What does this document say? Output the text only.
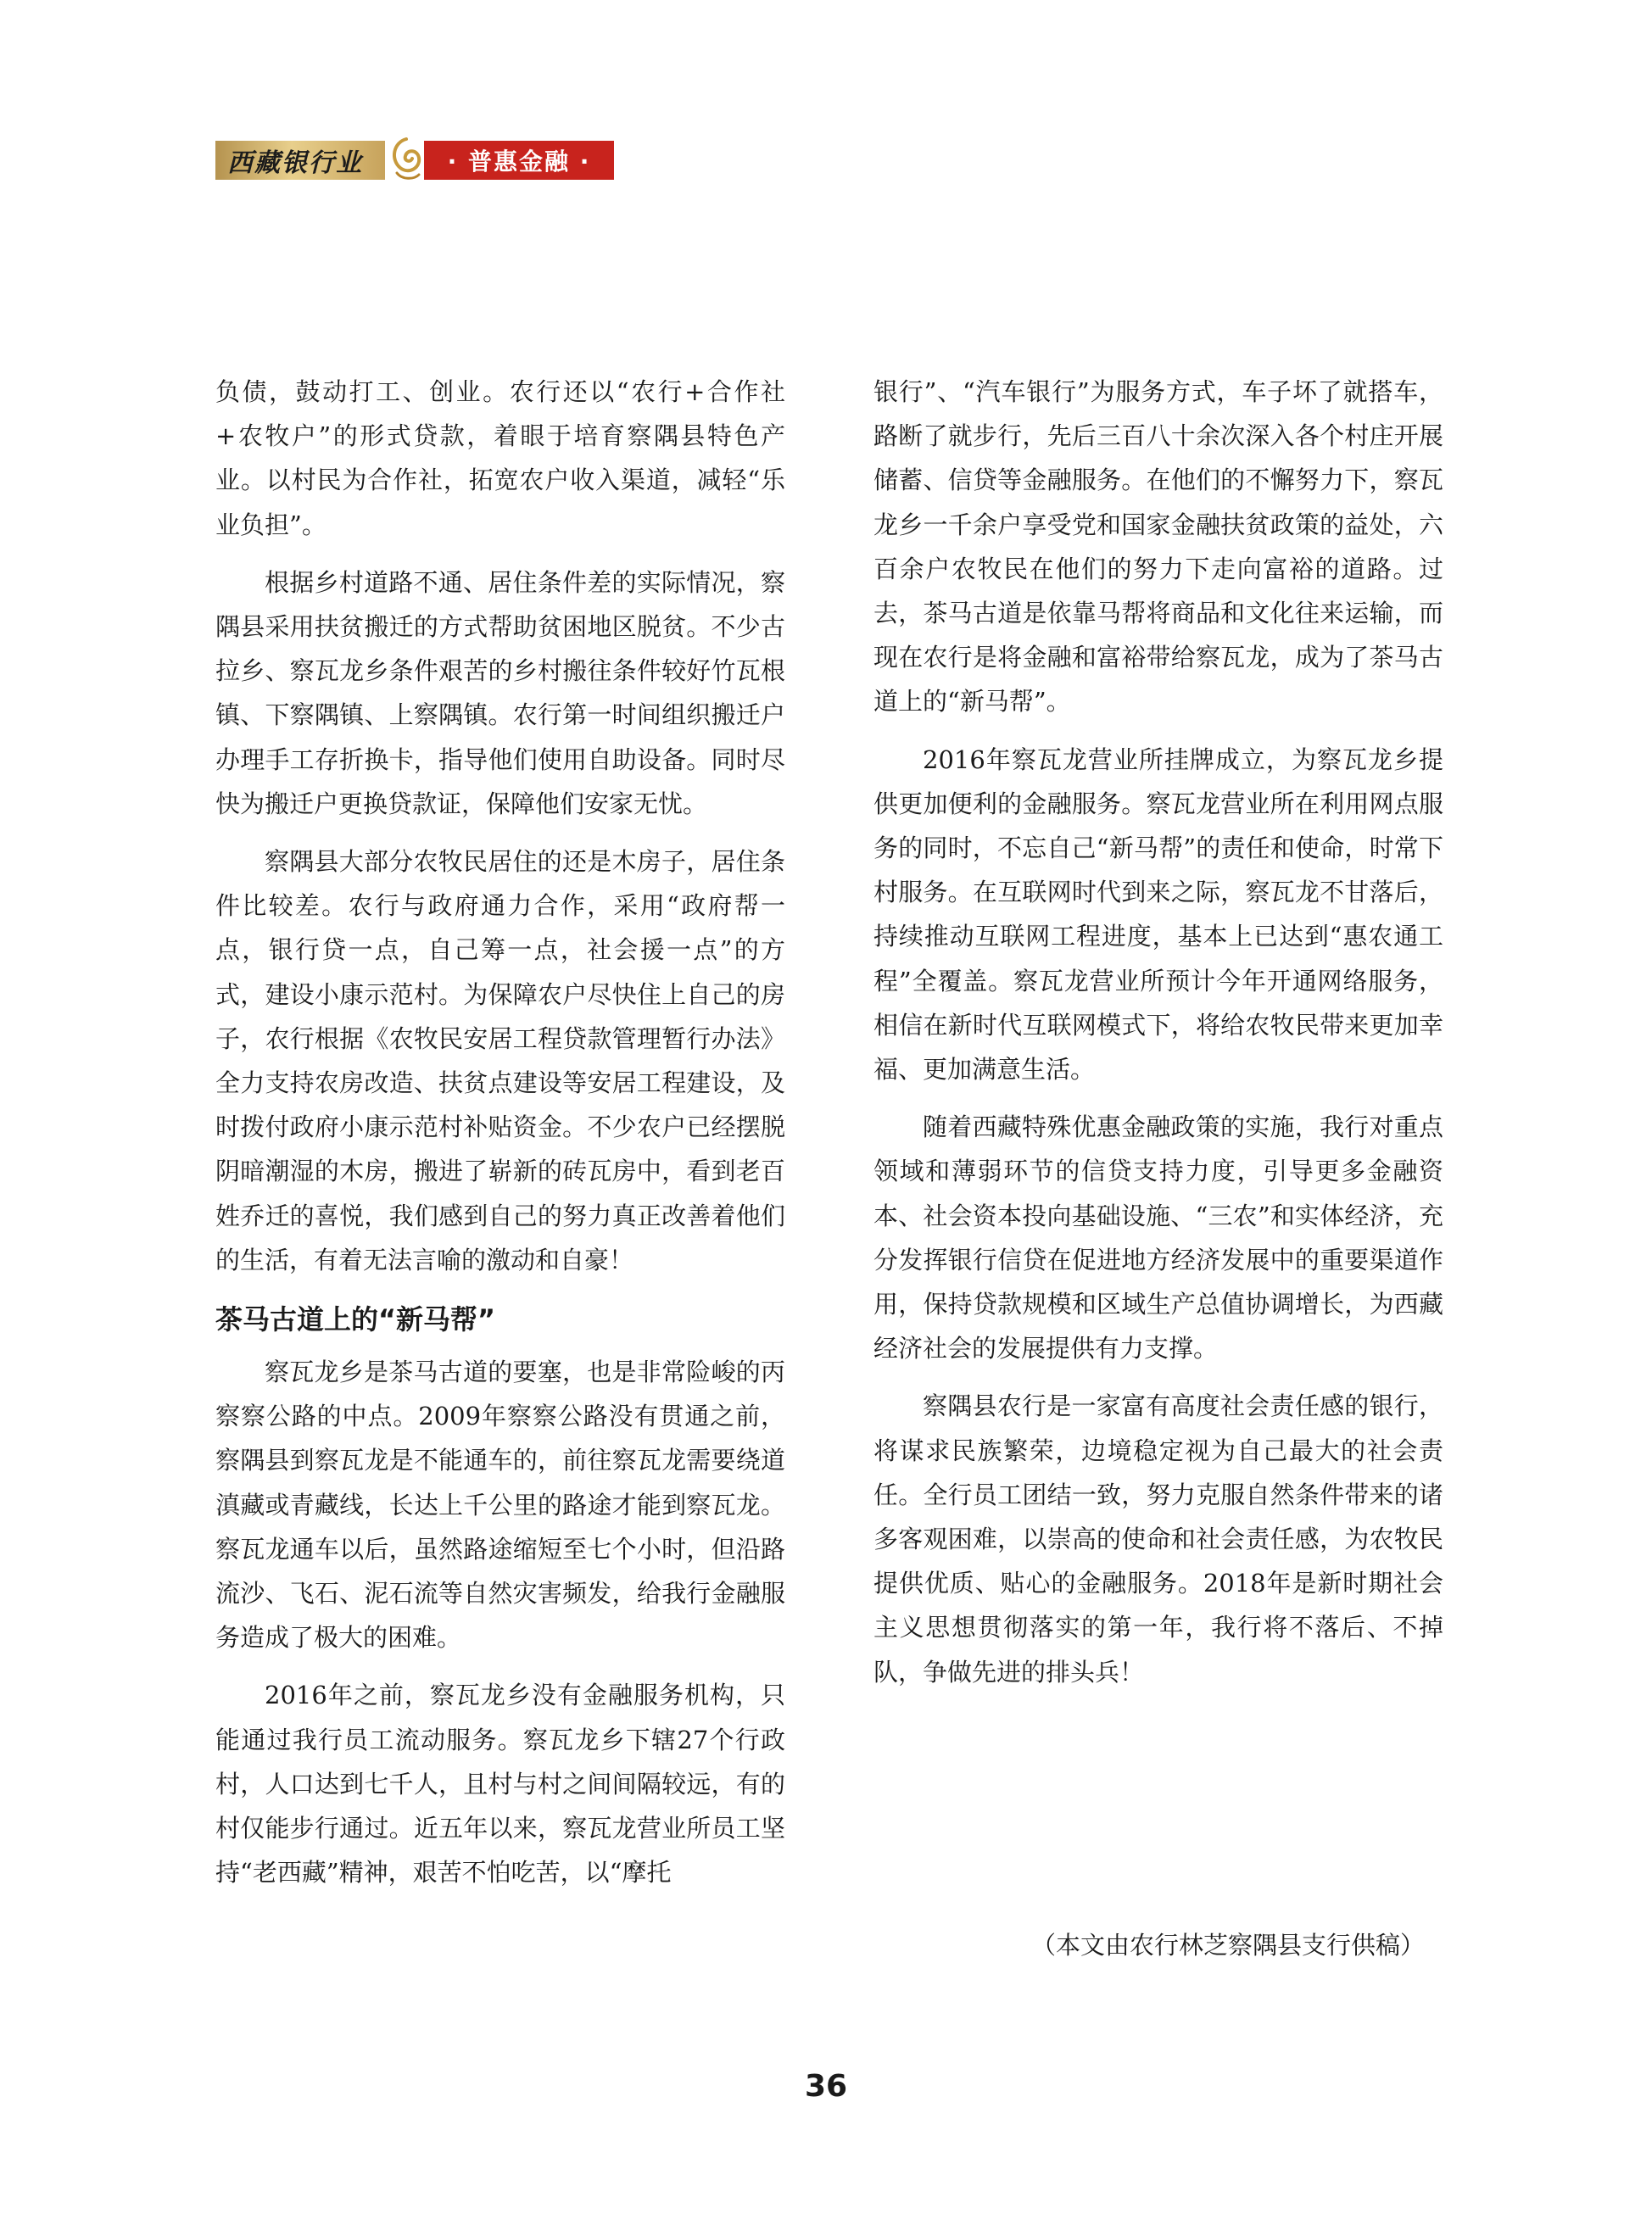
西藏银行业	· 普惠金融 ·

负债，鼓动打工、创业。农行还以“农行+合作社+农牧户”的形式贷款，着眼于培育察隅县特色产业。以村民为合作社，拓宽农户收入渠道，减轻“乐业负担”。

根据乡村道路不通、居住条件差的实际情况，察隅县采用扶贫搬迁的方式帮助贫困地区脱贫。不少古拉乡、察瓦龙乡条件艰苦的乡村搬往条件较好竹瓦根镇、下察隅镇、上察隅镇。农行第一时间组织搬迁户办理手工存折换卡，指导他们使用自助设备。同时尽快为搬迁户更换贷款证，保障他们安家无忧。

察隅县大部分农牧民居住的还是木房子，居住条件比较差。农行与政府通力合作，采用“政府帮一点，银行贷一点，自己筹一点，社会援一点”的方式，建设小康示范村。为保障农户尽快住上自己的房子，农行根据《农牧民安居工程贷款管理暂行办法》全力支持农房改造、扶贫点建设等安居工程建设，及时拨付政府小康示范村补贴资金。不少农户已经摆脱阴暗潮湿的木房，搬进了崭新的砖瓦房中，看到老百姓乔迁的喜悦，我们感到自己的努力真正改善着他们的生活，有着无法言喻的激动和自豪！

茶马古道上的“新马帮”

察瓦龙乡是茶马古道的要塞，也是非常险峻的丙察察公路的中点。2009年察察公路没有贯通之前，察隅县到察瓦龙是不能通车的，前往察瓦龙需要绕道滇藏或青藏线，长达上千公里的路途才能到察瓦龙。察瓦龙通车以后，虽然路途缩短至七个小时，但沿路流沙、飞石、泥石流等自然灾害频发，给我行金融服务造成了极大的困难。

2016年之前，察瓦龙乡没有金融服务机构，只能通过我行员工流动服务。察瓦龙乡下辖27个行政村，人口达到七千人，且村与村之间间隔较远，有的村仅能步行通过。近五年以来，察瓦龙营业所员工坚持“老西藏”精神，艰苦不怕吃苦，以“摩托

银行”、“汽车银行”为服务方式，车子坏了就搭车，路断了就步行，先后三百八十余次深入各个村庄开展储蓄、信贷等金融服务。在他们的不懈努力下，察瓦龙乡一千余户享受党和国家金融扶贫政策的益处，六百余户农牧民在他们的努力下走向富裕的道路。过去，茶马古道是依靠马帮将商品和文化往来运输，而现在农行是将金融和富裕带给察瓦龙，成为了茶马古道上的“新马帮”。

2016年察瓦龙营业所挂牌成立，为察瓦龙乡提供更加便利的金融服务。察瓦龙营业所在利用网点服务的同时，不忘自己“新马帮”的责任和使命，时常下村服务。在互联网时代到来之际，察瓦龙不甘落后，持续推动互联网工程进度，基本上已达到“惠农通工程”全覆盖。察瓦龙营业所预计今年开通网络服务，相信在新时代互联网模式下，将给农牧民带来更加幸福、更加满意生活。

随着西藏特殊优惠金融政策的实施，我行对重点领域和薄弱环节的信贷支持力度，引导更多金融资本、社会资本投向基础设施、“三农”和实体经济，充分发挥银行信贷在促进地方经济发展中的重要渠道作用，保持贷款规模和区域生产总值协调增长，为西藏经济社会的发展提供有力支撑。

察隅县农行是一家富有高度社会责任感的银行，将谋求民族繁荣，边境稳定视为自己最大的社会责任。全行员工团结一致，努力克服自然条件带来的诸多客观困难，以崇高的使命和社会责任感，为农牧民提供优质、贴心的金融服务。2018年是新时期社会主义思想贯彻落实的第一年，我行将不落后、不掉队，争做先进的排头兵！

（本文由农行林芝察隅县支行供稿）
36
